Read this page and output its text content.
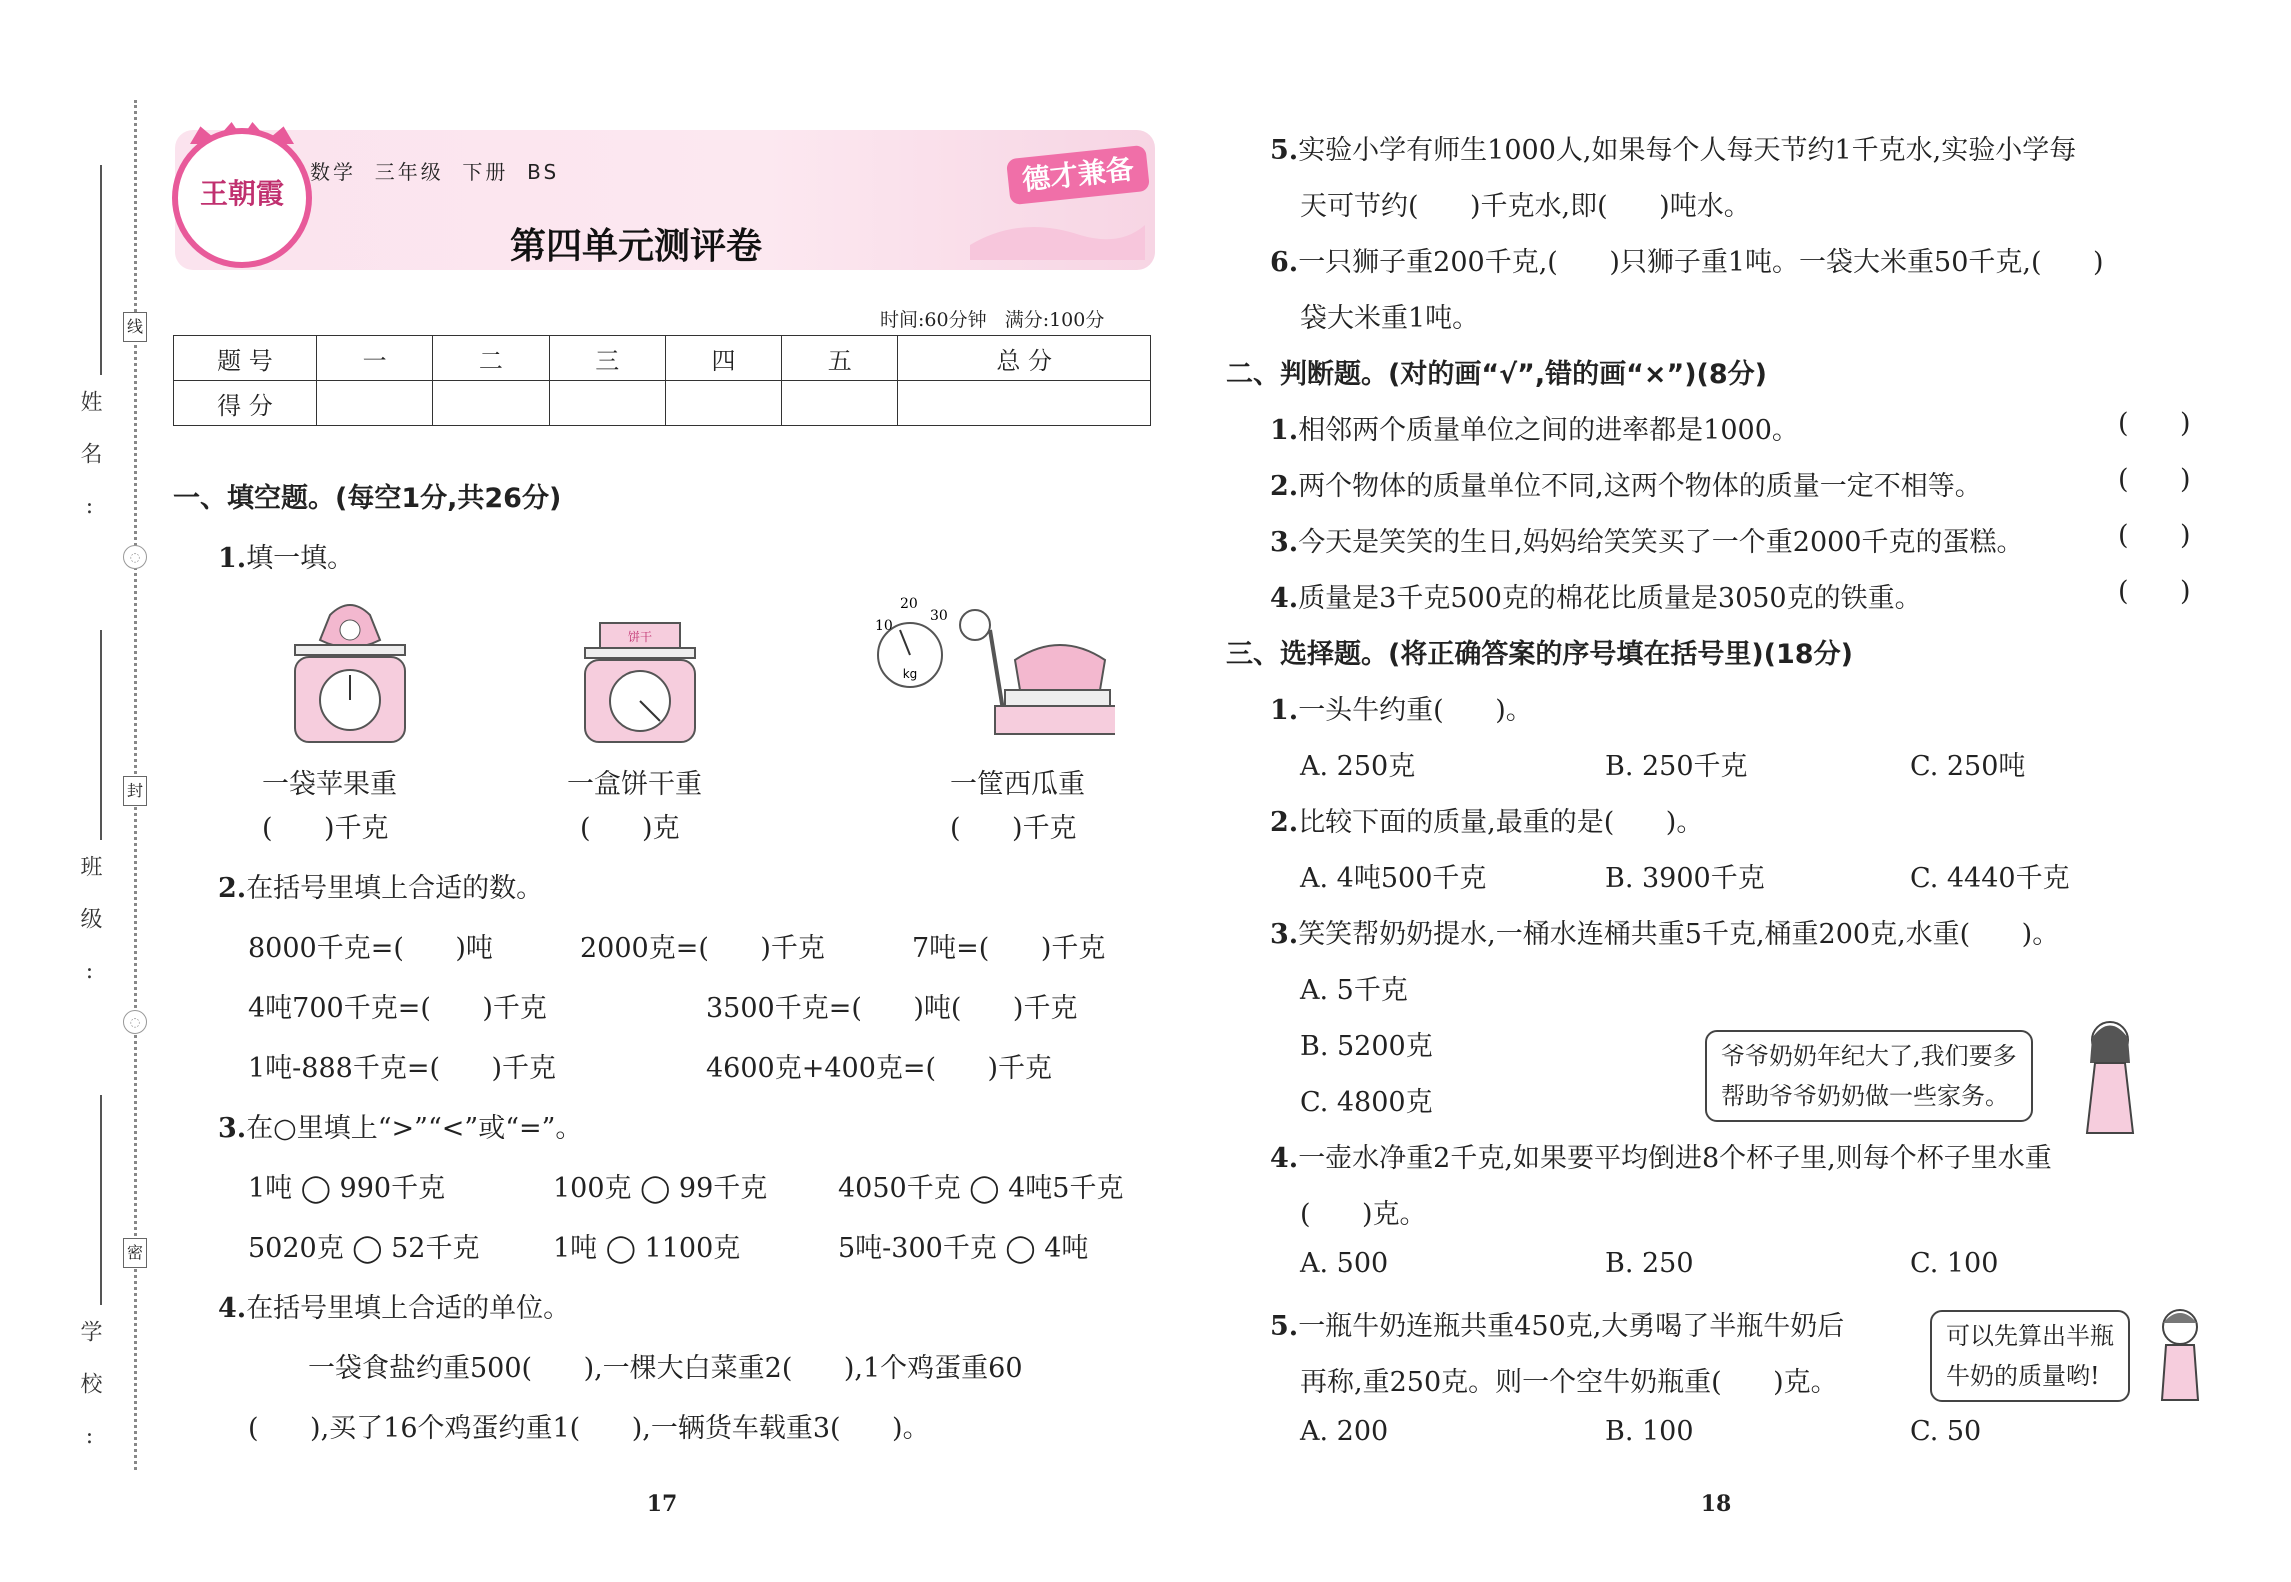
◌
◌
姓名:
线
班级:
封
学校:
密
王朝霞
数学  三年级  下册  BS	德才兼备
第四单元测评卷
时间:60分钟   满分:100分
题 号	一	二	三	四	五	总 分
得 分						
一、填空题。(每空1分,共26分)
1.填一填。
饼干
kg
10
20
30
一袋苹果重
(      )千克
一盒饼干重
(      )克
一筐西瓜重
(      )千克
2.在括号里填上合适的数。
8000千克=(      )吨	2000克=(      )千克	7吨=(      )千克
4吨700千克=(      )千克	3500千克=(      )吨(      )千克
1吨-888千克=(      )千克	4600克+400克=(      )千克
3.在○里填上“>”“<”或“=”。
1吨 ◯ 990千克	100克 ◯ 99千克	4050千克 ◯ 4吨5千克
5020克 ◯ 52千克	1吨 ◯ 1100克	5吨-300千克 ◯ 4吨
4.在括号里填上合适的单位。
一袋食盐约重500(      ),一棵大白菜重2(      ),1个鸡蛋重60
(      ),买了16个鸡蛋约重1(      ),一辆货车载重3(      )。
17
5.实验小学有师生1000人,如果每个人每天节约1千克水,实验小学每
天可节约(      )千克水,即(      )吨水。
6.一只狮子重200千克,(      )只狮子重1吨。一袋大米重50千克,(      )
袋大米重1吨。
二、判断题。(对的画“√”,错的画“×”)(8分)
1.相邻两个质量单位之间的进率都是1000。	(      )
2.两个物体的质量单位不同,这两个物体的质量一定不相等。	(      )
3.今天是笑笑的生日,妈妈给笑笑买了一个重2000千克的蛋糕。	(      )
4.质量是3千克500克的棉花比质量是3050克的铁重。	(      )
三、选择题。(将正确答案的序号填在括号里)(18分)
1.一头牛约重(      )。
A. 250克	B. 250千克	C. 250吨
2.比较下面的质量,最重的是(      )。
A. 4吨500千克	B. 3900千克	C. 4440千克
3.笑笑帮奶奶提水,一桶水连桶共重5千克,桶重200克,水重(      )。
A. 5千克
B. 5200克
C. 4800克
爷爷奶奶年纪大了,我们要多
帮助爷爷奶奶做一些家务。
4.一壶水净重2千克,如果要平均倒进8个杯子里,则每个杯子里水重
(      )克。
A. 500	B. 250	C. 100
5.一瓶牛奶连瓶共重450克,大勇喝了半瓶牛奶后
再称,重250克。则一个空牛奶瓶重(      )克。
A. 200	B. 100	C. 50
可以先算出半瓶
牛奶的质量哟!
18
